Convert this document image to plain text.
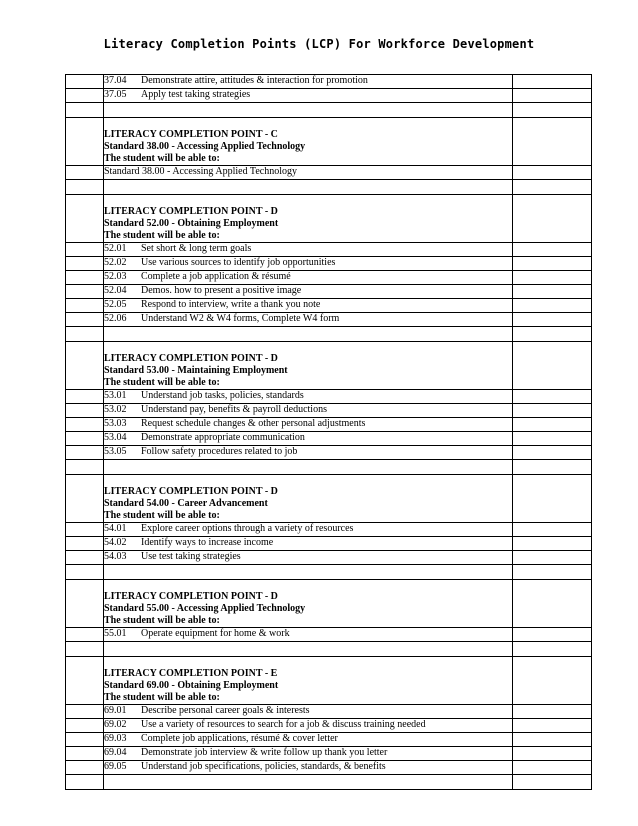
Literacy Completion Points (LCP) For Workforce Development
	37.04 Demonstrate attire, attitudes & interaction for promotion	
	37.05 Apply test taking strategies	

	LITERACY COMPLETION POINT - C
Standard 38.00 - Accessing Applied Technology
The student will be able to:	

	Standard 38.00 - Accessing Applied Technology	

	LITERACY COMPLETION POINT - D
Standard 52.00 - Obtaining Employment
The student will be able to:	

	52.01 Set short & long term goals	
	52.02 Use various sources to identify job opportunities	
	52.03 Complete a job application & résumé	
	52.04 Demos. how to present a positive image	
	52.05 Respond to interview, write a thank you note	
	52.06 Understand W2 & W4 forms, Complete W4 form	

	LITERACY COMPLETION POINT - D
Standard 53.00 - Maintaining Employment
The student will be able to:	

	53.01 Understand job tasks, policies, standards	
	53.02 Understand pay, benefits & payroll deductions	
	53.03 Request schedule changes & other personal adjustments	
	53.04 Demonstrate appropriate communication	
	53.05 Follow safety procedures related to job	

	LITERACY COMPLETION POINT - D
Standard 54.00 - Career Advancement
The student will be able to:	

	54.01 Explore career options through a variety of resources	
	54.02 Identify ways to increase income	
	54.03 Use test taking strategies	

	LITERACY COMPLETION POINT - D
Standard 55.00 - Accessing Applied Technology
The student will be able to:	

	55.01 Operate equipment for home & work	

	LITERACY COMPLETION POINT - E
Standard 69.00 - Obtaining Employment
The student will be able to:	

	69.01 Describe personal career goals & interests	
	69.02 Use a variety of resources to search for a job & discuss training needed	
	69.03 Complete job applications, résumé & cover letter	
	69.04 Demonstrate job interview & write follow up thank you letter	
	69.05 Understand job specifications, policies, standards, & benefits	
